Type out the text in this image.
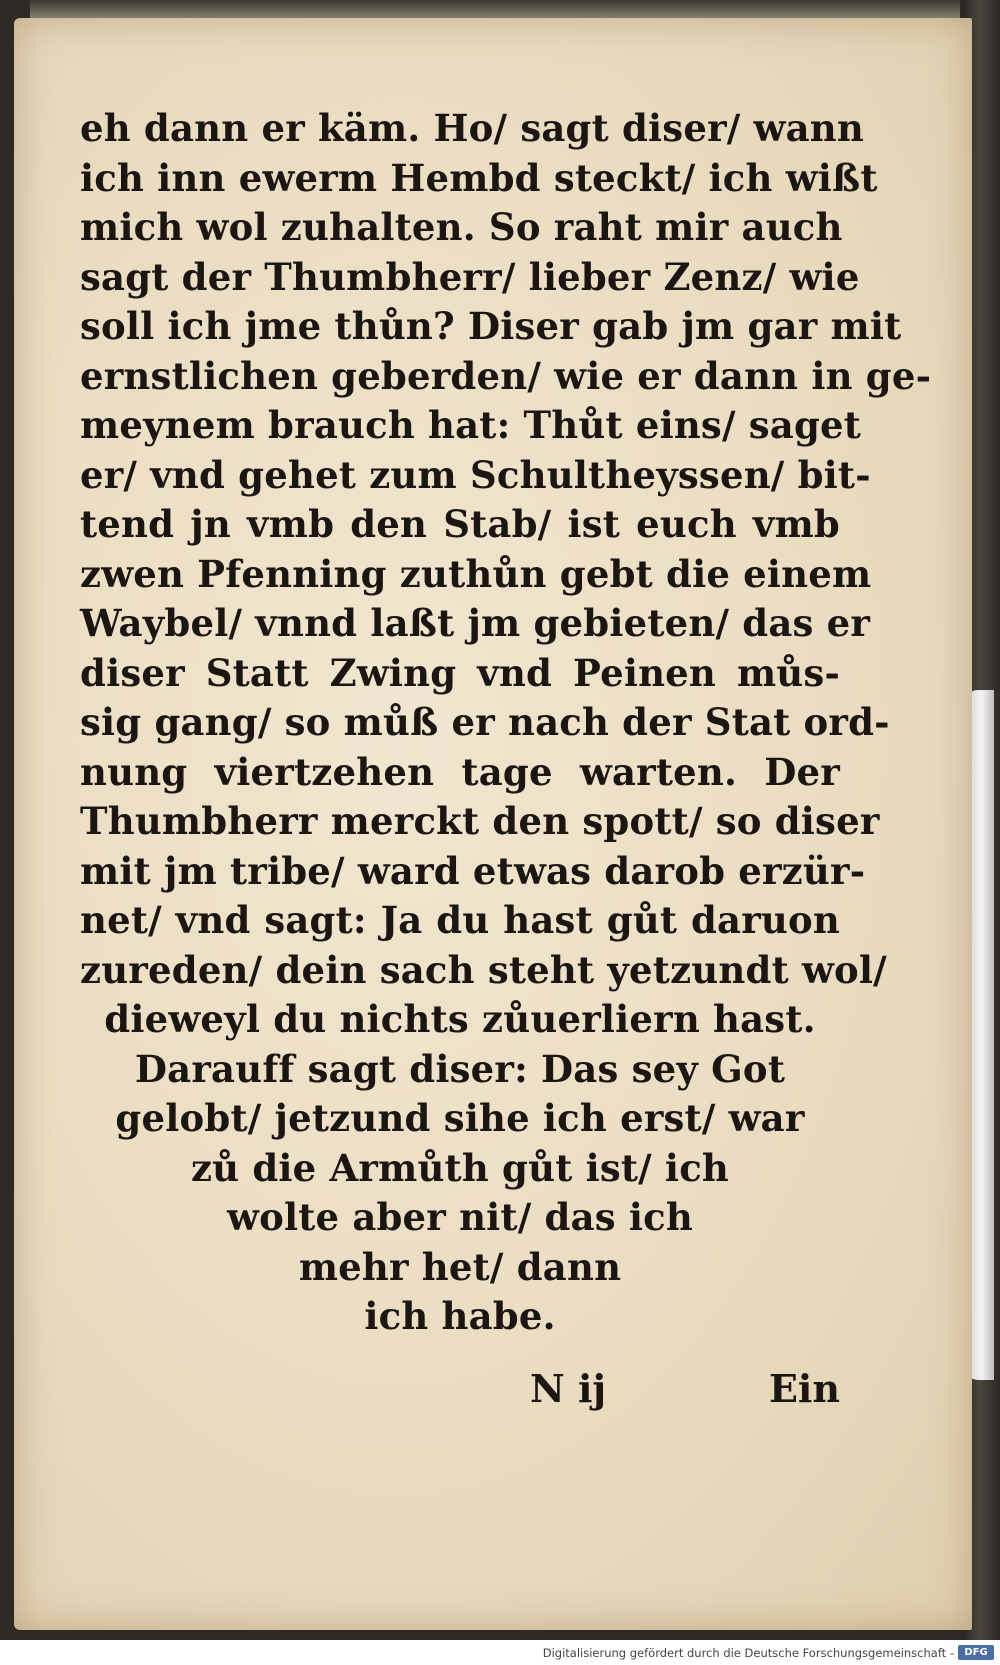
eh dann er käm. Ho/ sagt diser/ wann
ich inn ewerm Hembd steckt/ ich wißt
mich wol zuhalten. So raht mir auch
sagt der Thumbherr/ lieber Zenz/ wie
soll ich jme thůn? Diser gab jm gar mit
ernstlichen geberden/ wie er dann in ge-
meynem brauch hat: Thůt eins/ saget
er/ vnd gehet zum Schultheyssen/ bit-
tend jn vmb den Stab/ ist euch vmb
zwen Pfenning zuthůn gebt die einem
Waybel/ vnnd laßt jm gebieten/ das er
diser Statt Zwing vnd Peinen můs-
sig gang/ so můß er nach der Stat ord-
nung viertzehen tage warten. Der
Thumbherr merckt den spott/ so diser
mit jm tribe/ ward etwas darob erzür-
net/ vnd sagt: Ja du hast gůt daruon
zureden/ dein sach steht yetzundt wol/
dieweyl du nichts zůuerliern hast.
Darauff sagt diser: Das sey Got
gelobt/ jetzund sihe ich erst/ war
zů die Armůth gůt ist/ ich
wolte aber nit/ das ich
mehr het/ dann
ich habe.
N ij	Ein
Digitalisierung gefördert durch die Deutsche Forschungsgemeinschaft -	DFG
